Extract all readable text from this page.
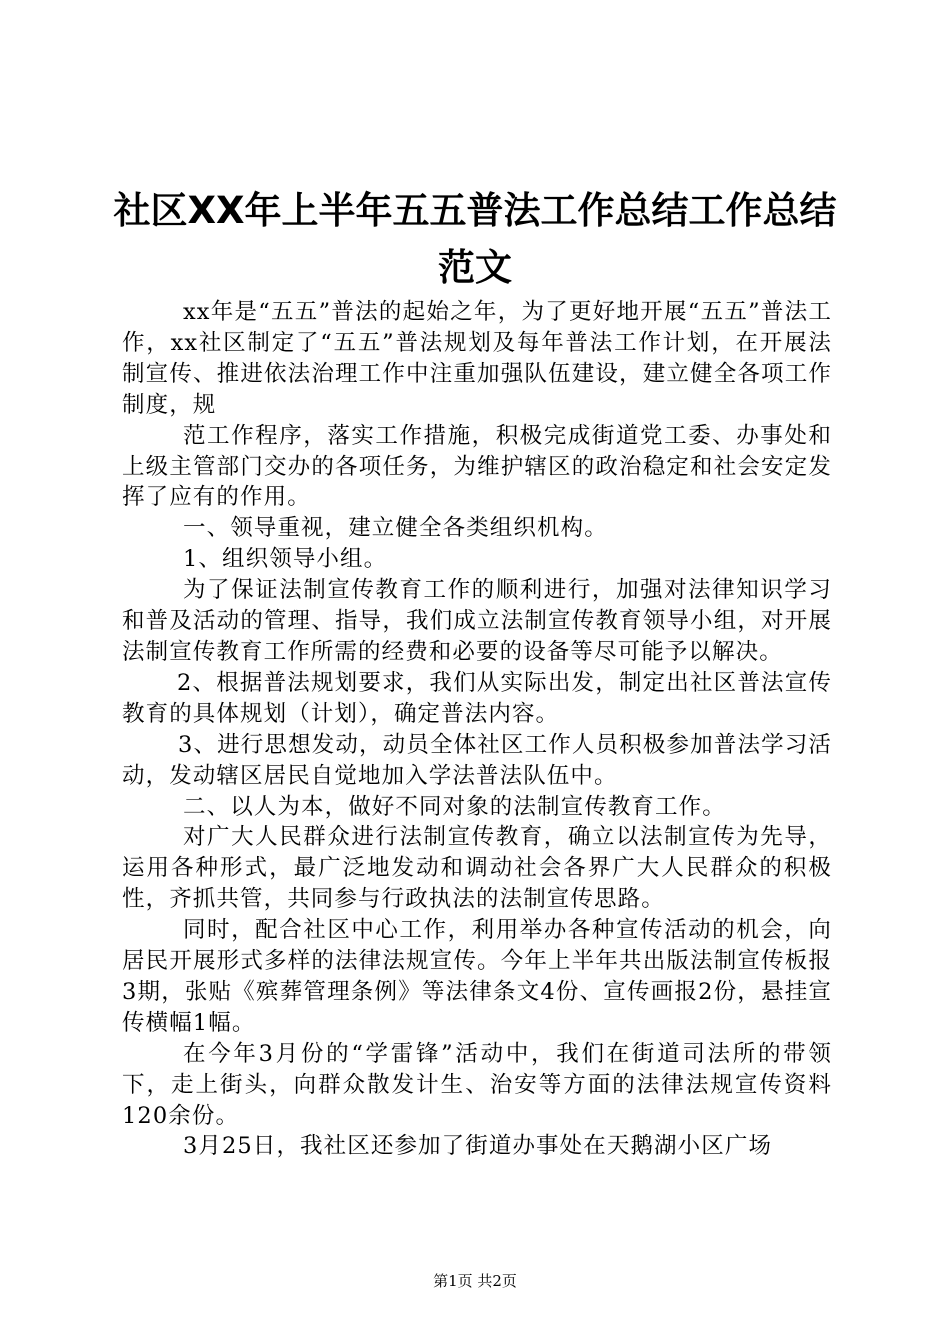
社区XX年上半年五五普法工作总结工作总结
范文

xx年是“五五”普法的起始之年，为了更好地开展“五五”普法工作，xx社区制定了“五五”普法规划及每年普法工作计划，在开展法制宣传、推进依法治理工作中注重加强队伍建设，建立健全各项工作制度，规

范工作程序，落实工作措施，积极完成街道党工委、办事处和上级主管部门交办的各项任务，为维护辖区的政治稳定和社会安定发挥了应有的作用。

一、领导重视，建立健全各类组织机构。

1、组织领导小组。

为了保证法制宣传教育工作的顺利进行，加强对法律知识学习和普及活动的管理、指导，我们成立法制宣传教育领导小组，对开展法制宣传教育工作所需的经费和必要的设备等尽可能予以解决。

2、根据普法规划要求，我们从实际出发，制定出社区普法宣传教育的具体规划（计划），确定普法内容。

3、进行思想发动，动员全体社区工作人员积极参加普法学习活动，发动辖区居民自觉地加入学法普法队伍中。

二、以人为本，做好不同对象的法制宣传教育工作。

对广大人民群众进行法制宣传教育，确立以法制宣传为先导，运用各种形式，最广泛地发动和调动社会各界广大人民群众的积极性，齐抓共管，共同参与行政执法的法制宣传思路。

同时，配合社区中心工作，利用举办各种宣传活动的机会，向居民开展形式多样的法律法规宣传。今年上半年共出版法制宣传板报3期，张贴《殡葬管理条例》等法律条文4份、宣传画报2份，悬挂宣传横幅1幅。

在今年3月份的“学雷锋”活动中，我们在街道司法所的带领下，走上街头，向群众散发计生、治安等方面的法律法规宣传资料120余份。

3月25日，我社区还参加了街道办事处在天鹅湖小区广场

第1页 共2页
